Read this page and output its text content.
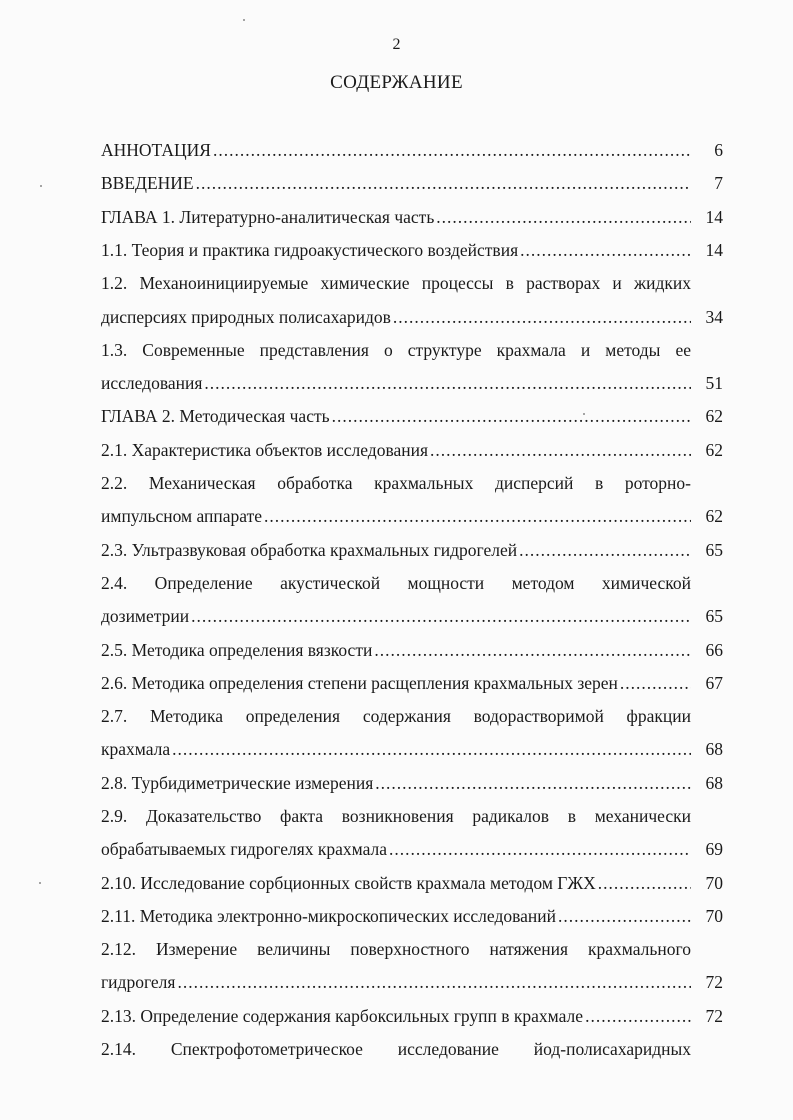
2
СОДЕРЖАНИЕ
АННОТАЦИЯ .....	6
ВВЕДЕНИЕ .....	7
ГЛАВА 1. Литературно-аналитическая часть .....	14
1.1. Теория и практика гидроакустического воздействия .....	14
1.2. Механоинициируемые химические процессы в растворах и жидких
дисперсиях природных полисахаридов .....	34
1.3. Современные представления о структуре крахмала и методы ее
исследования .....	51
ГЛАВА 2. Методическая часть .....	62
2.1. Характеристика объектов исследования .....	62
2.2. Механическая обработка крахмальных дисперсий в роторно-
импульсном аппарате .....	62
2.3. Ультразвуковая обработка крахмальных гидрогелей .....	65
2.4. Определение акустической мощности методом химической
дозиметрии .....	65
2.5. Методика определения вязкости .....	66
2.6. Методика определения степени расщепления крахмальных зерен .....	67
2.7. Методика определения содержания водорастворимой фракции
крахмала .....	68
2.8. Турбидиметрические измерения .....	68
2.9. Доказательство факта возникновения радикалов в механически
обрабатываемых гидрогелях крахмала .....	69
2.10. Исследование сорбционных свойств крахмала методом ГЖХ .....	70
2.11. Методика электронно-микроскопических исследований .....	70
2.12. Измерение величины поверхностного натяжения крахмального
гидрогеля .....	72
2.13. Определение содержания карбоксильных групп в крахмале .....	72
2.14. Спектрофотометрическое исследование йод-полисахаридных
